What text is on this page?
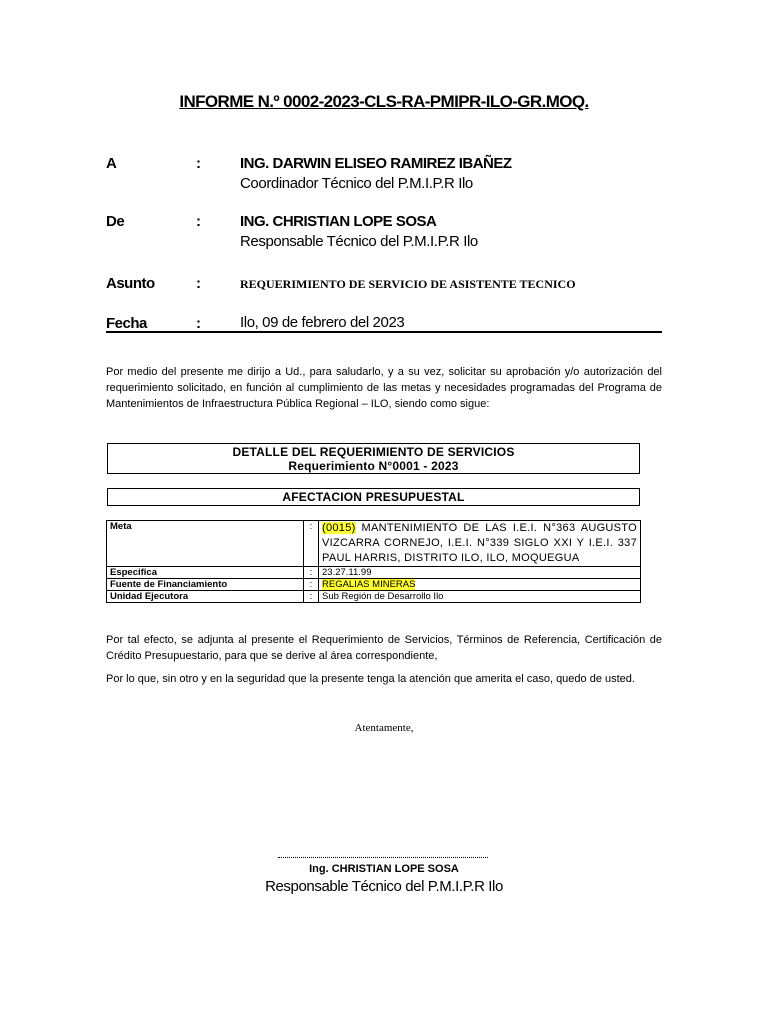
INFORME N.º 0002-2023-CLS-RA-PMIPR-ILO-GR.MOQ.
A	:	ING. DARWIN ELISEO RAMIREZ IBAÑEZ
Coordinador Técnico del P.M.I.P.R Ilo
De	:	ING. CHRISTIAN LOPE SOSA
Responsable Técnico del P.M.I.P.R Ilo
Asunto	:	REQUERIMIENTO DE SERVICIO DE ASISTENTE TECNICO
Fecha	:	Ilo, 09 de febrero del 2023
Por medio del presente me dirijo a Ud., para saludarlo, y a su vez, solicitar su aprobación y/o autorización del requerimiento solicitado, en función al cumplimiento de las metas y necesidades programadas del Programa de Mantenimientos de Infraestructura Pública Regional – ILO, siendo como sigue:
DETALLE DEL REQUERIMIENTO DE SERVICIOS
Requerimiento N°0001 - 2023
AFECTACION PRESUPUESTAL
Meta	:	(0015) MANTENIMIENTO DE LAS I.E.I. N°363 AUGUSTO VIZCARRA CORNEJO, I.E.I. N°339 SIGLO XXI Y I.E.I. 337 PAUL HARRIS, DISTRITO ILO, ILO, MOQUEGUA
Especifica	:	23.27.11.99
Fuente de Financiamiento	:	REGALIAS MINERAS
Unidad Ejecutora	:	Sub Región de Desarrollo Ilo
Por tal efecto, se adjunta al presente el Requerimiento de Servicios, Términos de Referencia, Certificación de Crédito Presupuestario, para que se derive al área correspondiente,
Por lo que, sin otro y en la seguridad que la presente tenga la atención que amerita el caso, quedo de usted.
Atentamente,
Ing. CHRISTIAN LOPE SOSA
Responsable Técnico del P.M.I.P.R Ilo
